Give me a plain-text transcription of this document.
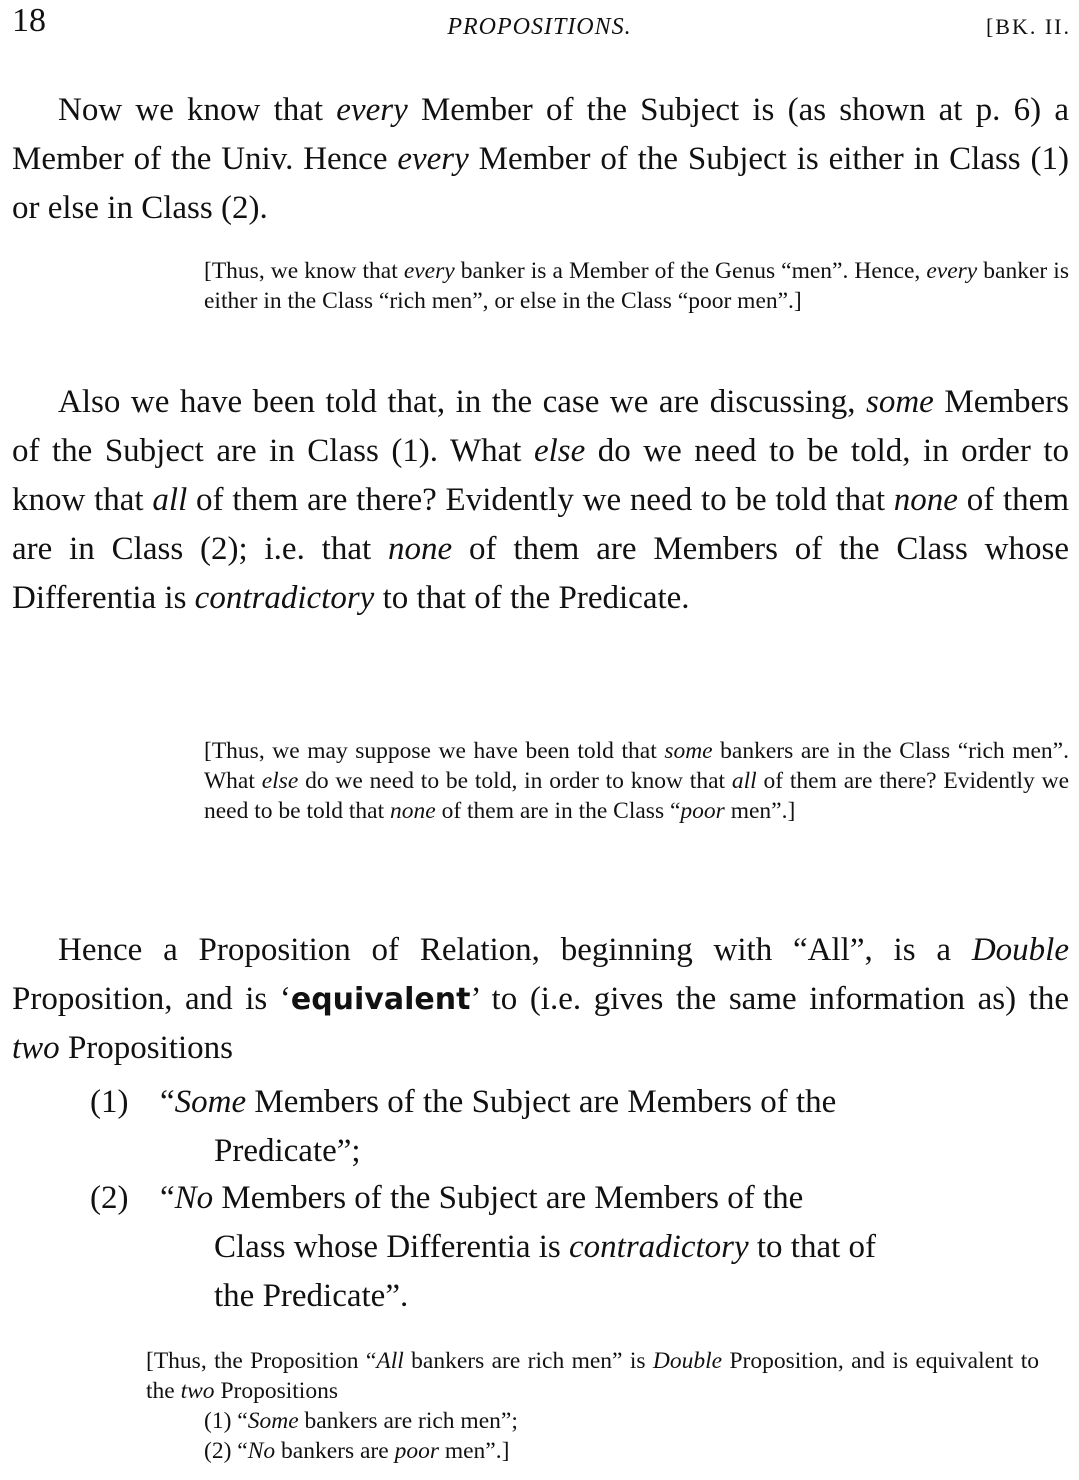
18	PROPOSITIONS.	[BK. II.

Now we know that every Member of the Subject is (as shown at p. 6) a Member of the Univ. Hence every Member of the Subject is either in Class (1) or else in Class (2).

[Thus, we know that every banker is a Member of the Genus “men”. Hence, every banker is either in the Class “rich men”, or else in the Class “poor men”.]

Also we have been told that, in the case we are discussing, some Members of the Subject are in Class (1). What else do we need to be told, in order to know that all of them are there? Evidently we need to be told that none of them are in Class (2); i.e. that none of them are Members of the Class whose Differentia is contradictory to that of the Predicate.

[Thus, we may suppose we have been told that some bankers are in the Class “rich men”. What else do we need to be told, in order to know that all of them are there? Evidently we need to be told that none of them are in the Class “poor men”.]

Hence a Proposition of Relation, beginning with “All”, is a Double Proposition, and is ‘equivalent’ to (i.e. gives the same information as) the two Propositions

(1) “Some Members of the Subject are Members of the
Predicate”;
(2) “No Members of the Subject are Members of the
Class whose Differentia is contradictory to that of
the Predicate”.
[Thus, the Proposition “All bankers are rich men” is Double Proposition, and is equivalent to the two Propositions
(1) “Some bankers are rich men”;
(2) “No bankers are poor men”.]
